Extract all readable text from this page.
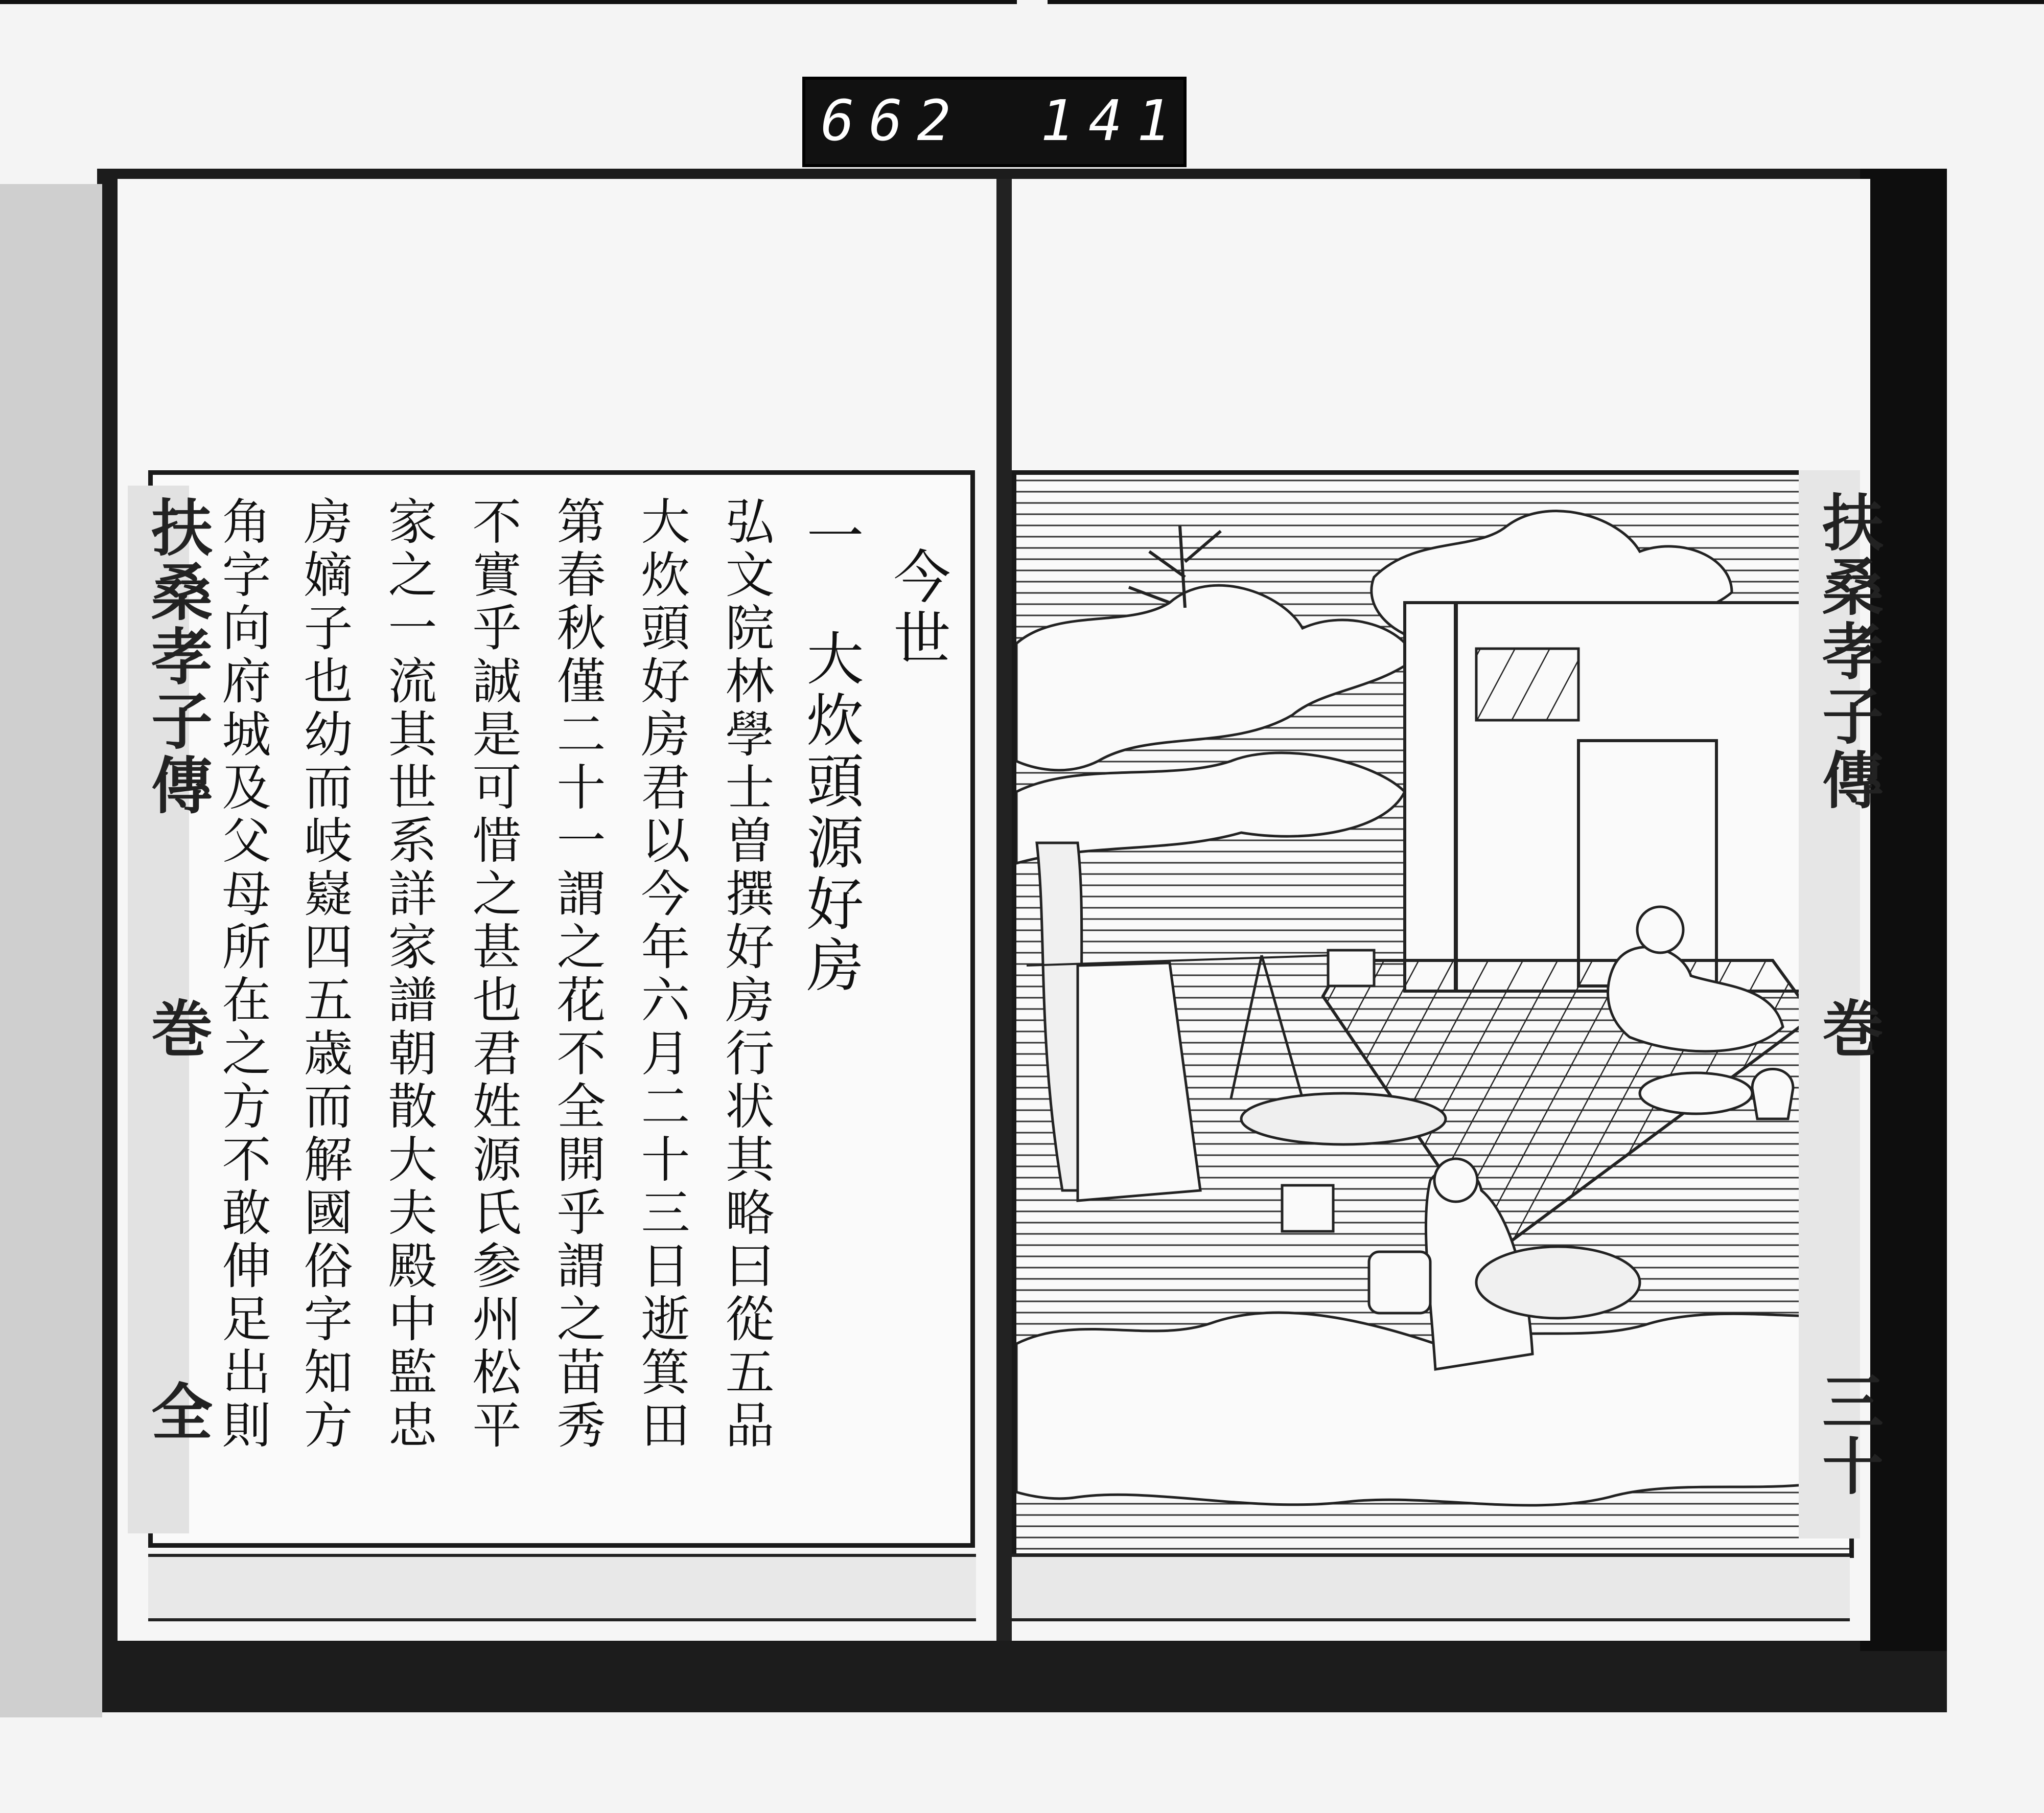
662 141
扶桑孝子傳
巻
全
今世
一　大炊頭源好房
弘文院林學士曽撰好房行状其略曰從五品
大炊頭好房君以今年六月二十三日逝箕田
第春秋僅二十一謂之花不全開乎謂之苗秀
不實乎誠是可惜之甚也君姓源氏参州松平
家之一流其世系詳家譜朝散大夫殿中監忠
房嫡子也幼而岐嶷四五歳而解國俗字知方
角字向府城及父母所在之方不敢伸足出則	扶桑孝子傳
巻
三十
